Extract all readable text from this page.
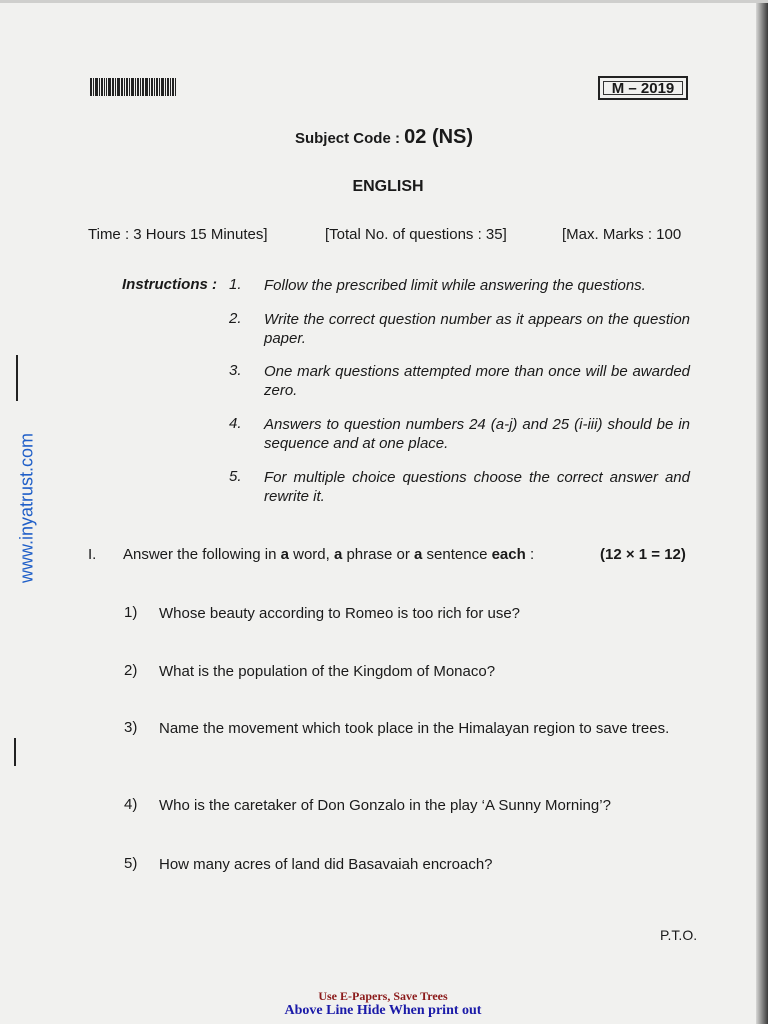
www.inyatrust.com
M – 2019
Subject Code : 02 (NS)
ENGLISH
Time : 3 Hours 15 Minutes]	[Total No. of questions : 35]	[Max. Marks : 100
Instructions : 1. Follow the prescribed limit while answering the questions.
2. Write the correct question number as it appears on the question paper.
3. One mark questions attempted more than once will be awarded zero.
4. Answers to question numbers 24 (a-j) and 25 (i-iii) should be in sequence and at one place.
5. For multiple choice questions choose the correct answer and rewrite it.
I. Answer the following in a word, a phrase or a sentence each :	(12 × 1 = 12)
1) Whose beauty according to Romeo is too rich for use?
2) What is the population of the Kingdom of Monaco?
3) Name the movement which took place in the Himalayan region to save trees.
4) Who is the caretaker of Don Gonzalo in the play ‘A Sunny Morning’?
5) How many acres of land did Basavaiah encroach?
P.T.O.
Use E-Papers, Save Trees
Above Line Hide When print out
